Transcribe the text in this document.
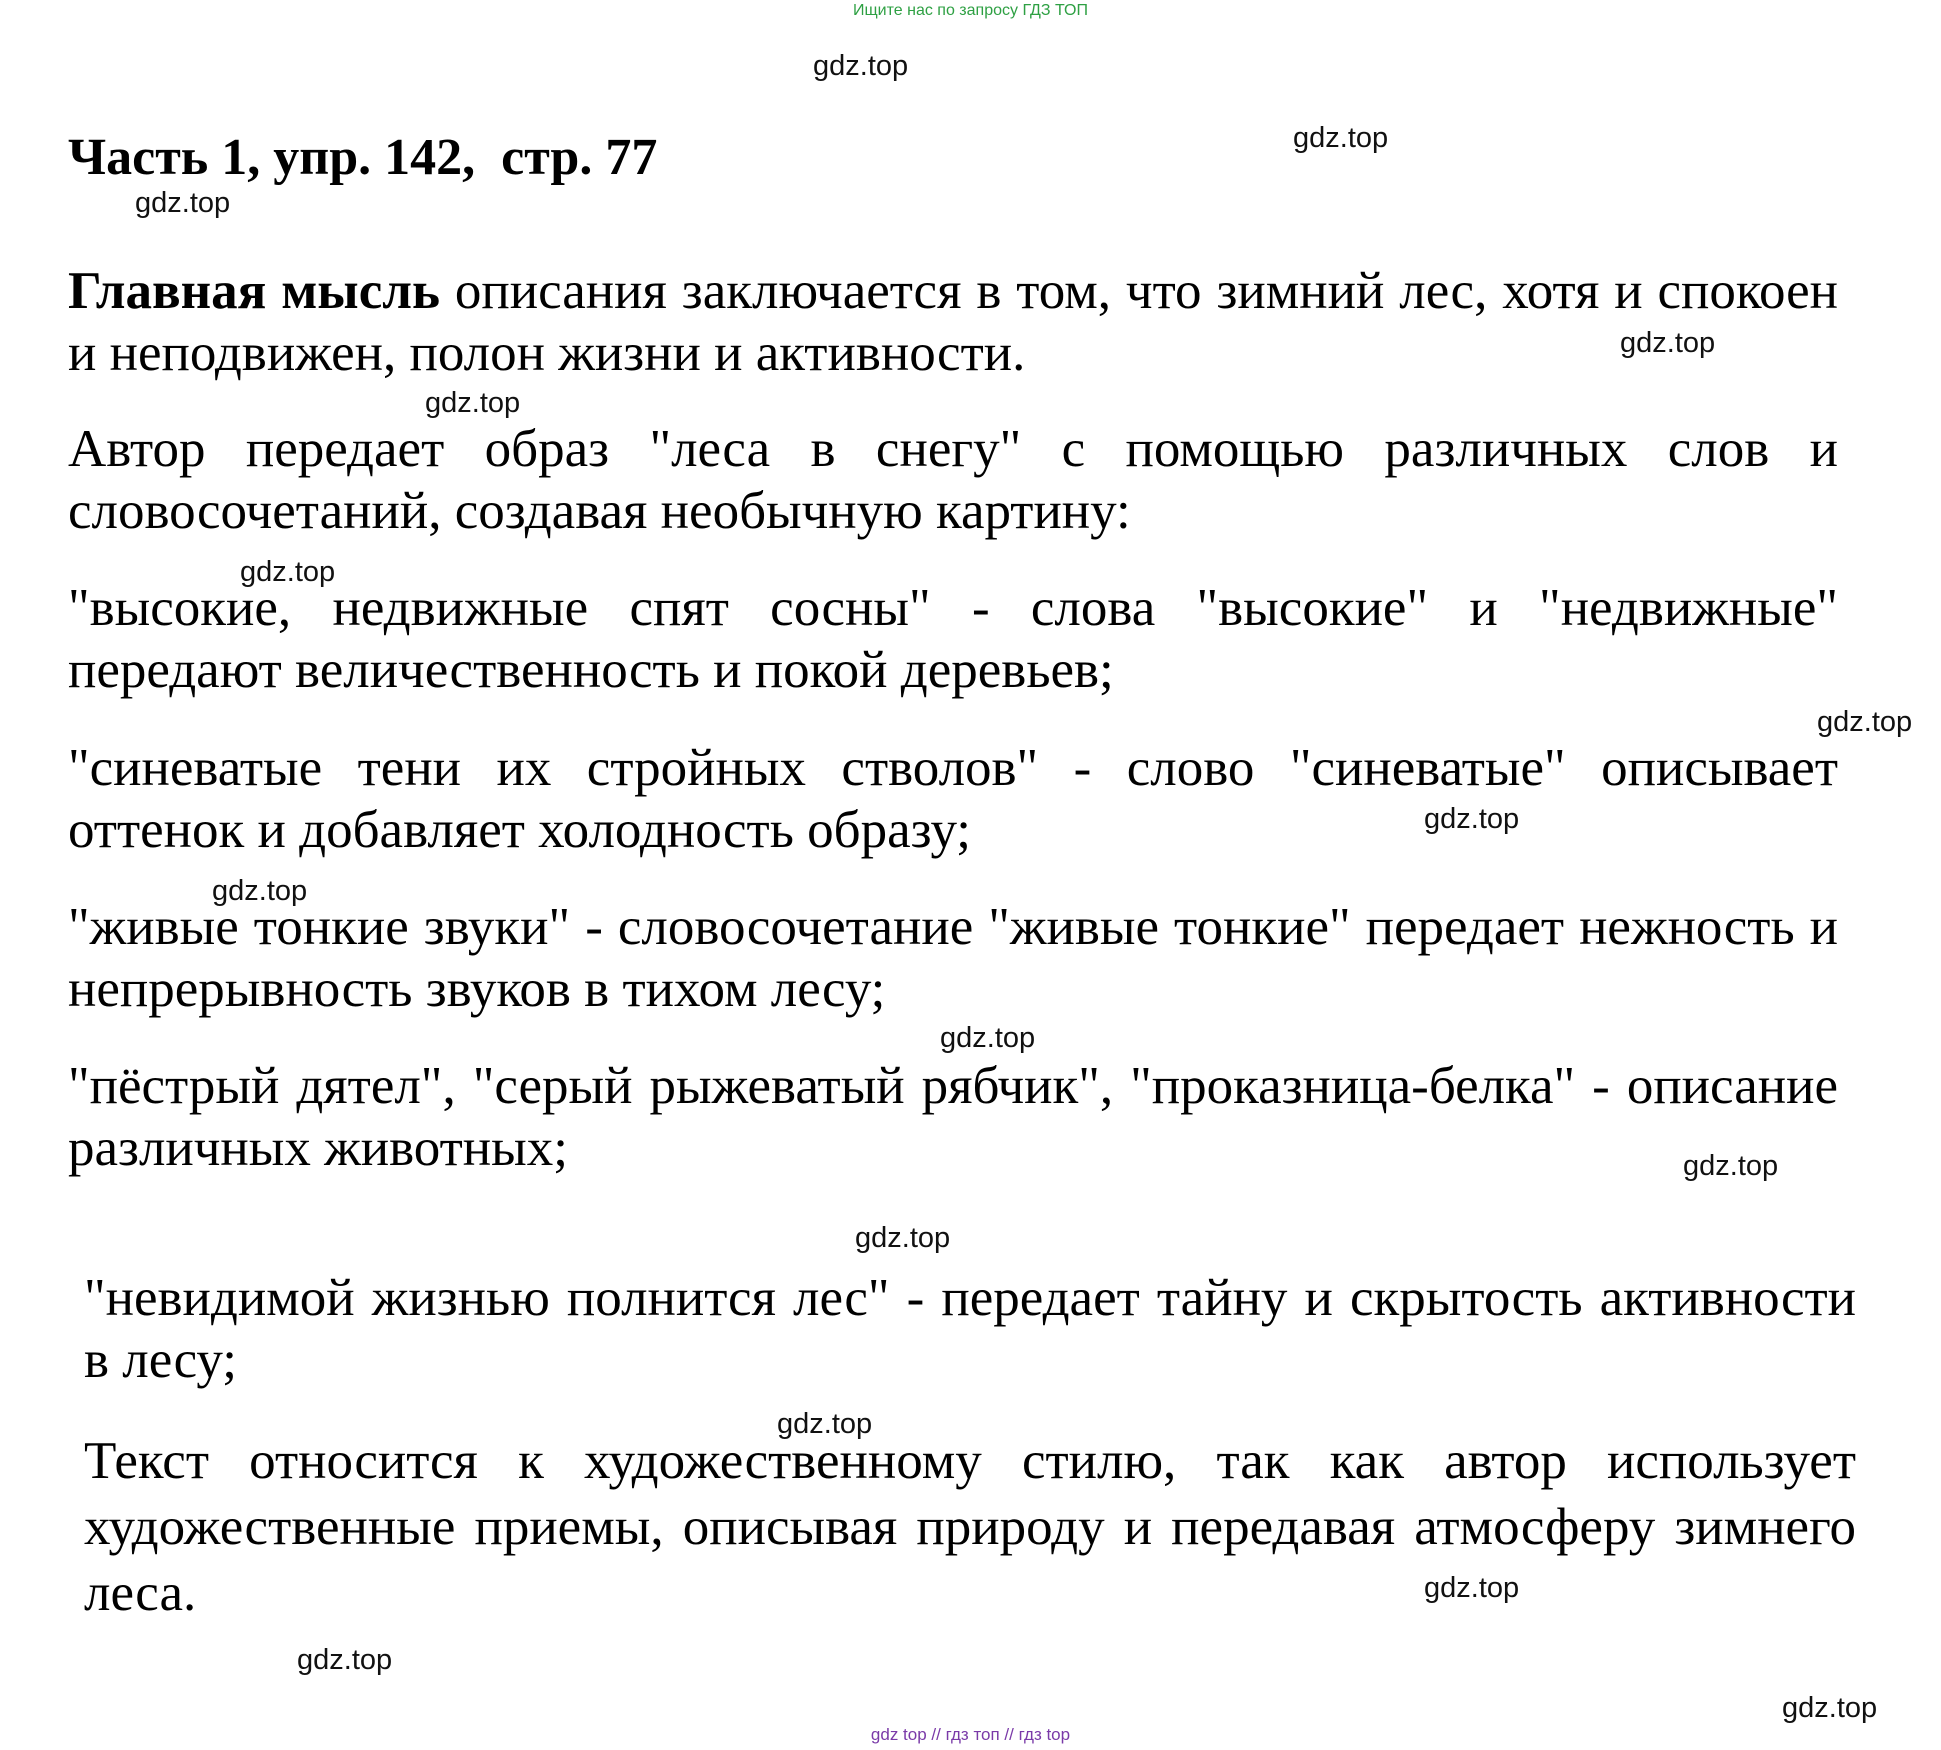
Ищите нас по запросу ГДЗ ТОП
Часть 1, упр. 142,  стр. 77

Главная мысль описания заключается в том, что зимний лес, хотя и спокоен и неподвижен, полон жизни и активности.

Автор передает образ "леса в снегу" с помощью различных слов и словосочетаний, создавая необычную картину:

"высокие, недвижные спят сосны" - слова "высокие" и "недвижные" передают величественность и покой деревьев;

"синеватые тени их стройных стволов" - слово "синеватые" описывает оттенок и добавляет холодность образу;

"живые тонкие звуки" - словосочетание "живые тонкие" передает нежность и непрерывность звуков в тихом лесу;

"пёстрый дятел", "серый рыжеватый рябчик", "проказница-белка" - описание различных животных;

"невидимой жизнью полнится лес" - передает тайну и скрытость активности в лесу;

Текст относится к художественному стилю, так как автор использует художественные приемы, описывая природу и передавая атмосферу зимнего леса.

gdz.top
gdz.top
gdz.top
gdz.top
gdz.top
gdz.top
gdz.top
gdz.top
gdz.top
gdz.top
gdz.top
gdz.top
gdz.top
gdz.top
gdz.top
gdz.top
gdz top // гдз топ // гдз top
